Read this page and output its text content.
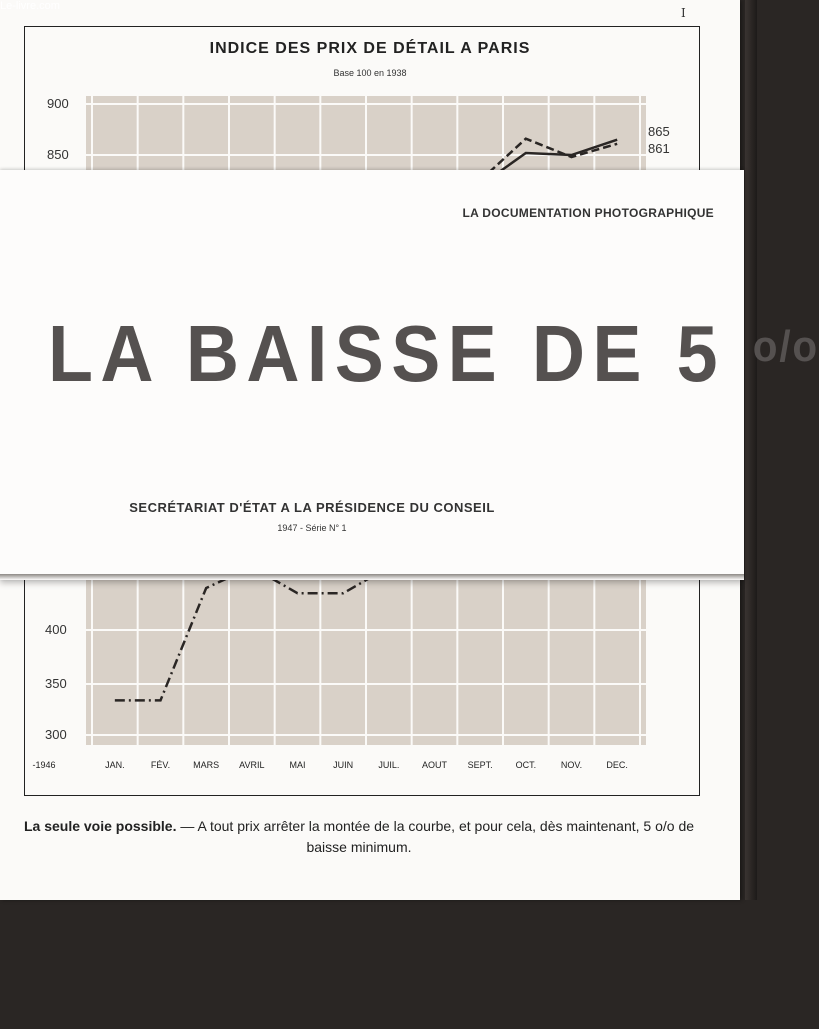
Le-livre.com	I
INDICE DES PRIX DE DÉTAIL A PARIS
Base 100 en 1938
900
850
400
350
300
865
861
-1946	JAN.	FÉV.	MARS AVRIL	MAI	JUIN	JUIL.	AOUT SEPT.	OCT.	NOV.	DEC.
La seule voie possible. — A tout prix arrêter la montée de la courbe, et pour cela, dès maintenant, 5 o/o de baisse minimum.
LA DOCUMENTATION PHOTOGRAPHIQUE
LA BAISSE DE 5 $^{o/o}$
SECRÉTARIAT D'ÉTAT A LA PRÉSIDENCE DU CONSEIL
1947 - Série N° 1
